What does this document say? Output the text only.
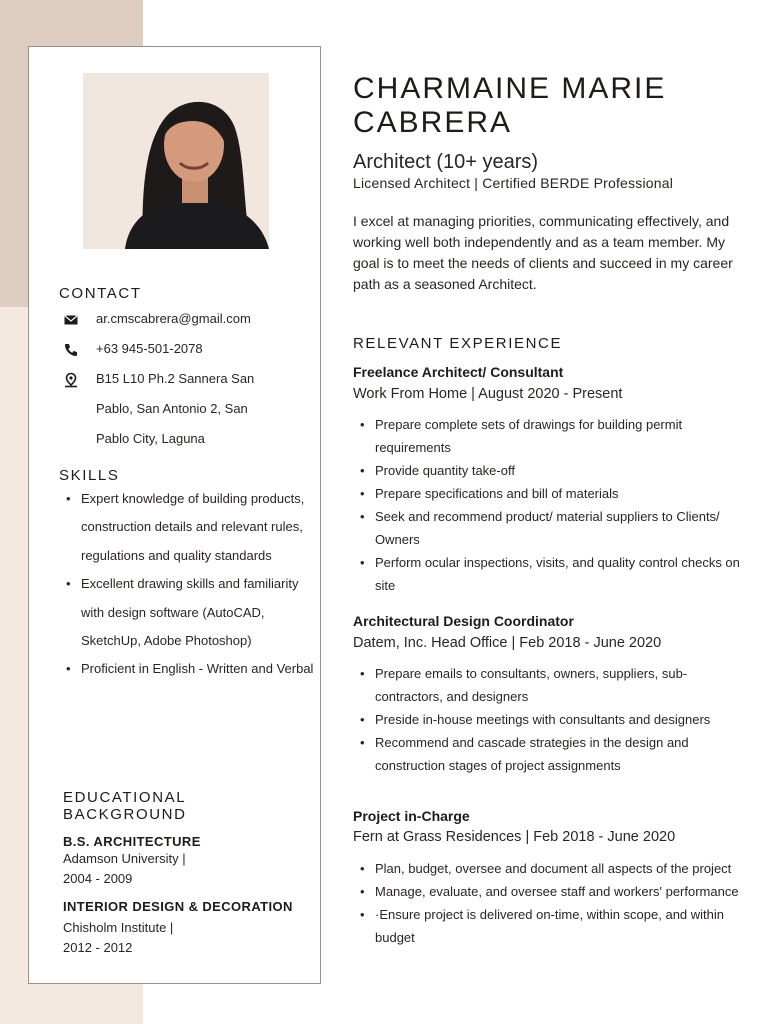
CONTACT
ar.cmscabrera@gmail.com
+63 945-501-2078
B15 L10 Ph.2 Sannera San
Pablo, San Antonio 2, San
Pablo City, Laguna
SKILLS
• Expert knowledge of building products, construction details and relevant rules, regulations and quality standards
• Excellent drawing skills and familiarity with design software (AutoCAD, SketchUp, Adobe Photoshop)
• Proficient in English - Written and Verbal
EDUCATIONAL
BACKGROUND
B.S. ARCHITECTURE
Adamson University |
2004 - 2009
INTERIOR DESIGN & DECORATION
Chisholm Institute |
2012 - 2012
CHARMAINE MARIE CABRERA
Architect (10+ years)
Licensed Architect | Certified BERDE Professional
I excel at managing priorities, communicating effectively, and working well both independently and as a team member. My goal is to meet the needs of clients and succeed in my career path as a seasoned Architect.
RELEVANT EXPERIENCE
Freelance Architect/ Consultant
Work From Home | August 2020 - Present
• Prepare complete sets of drawings for building permit requirements
• Provide quantity take-off
• Prepare specifications and bill of materials
• Seek and recommend product/ material suppliers to Clients/ Owners
• Perform ocular inspections, visits, and quality control checks on site
Architectural Design Coordinator
Datem, Inc. Head Office | Feb 2018 - June 2020
• Prepare emails to consultants, owners, suppliers, sub-contractors, and designers
• Preside in-house meetings with consultants and designers
• Recommend and cascade strategies in the design and construction stages of project assignments
Project in-Charge
Fern at Grass Residences | Feb 2018 - June 2020
• Plan, budget, oversee and document all aspects of the project
• Manage, evaluate, and oversee staff and workers' performance
• ·Ensure project is delivered on-time, within scope, and within budget
